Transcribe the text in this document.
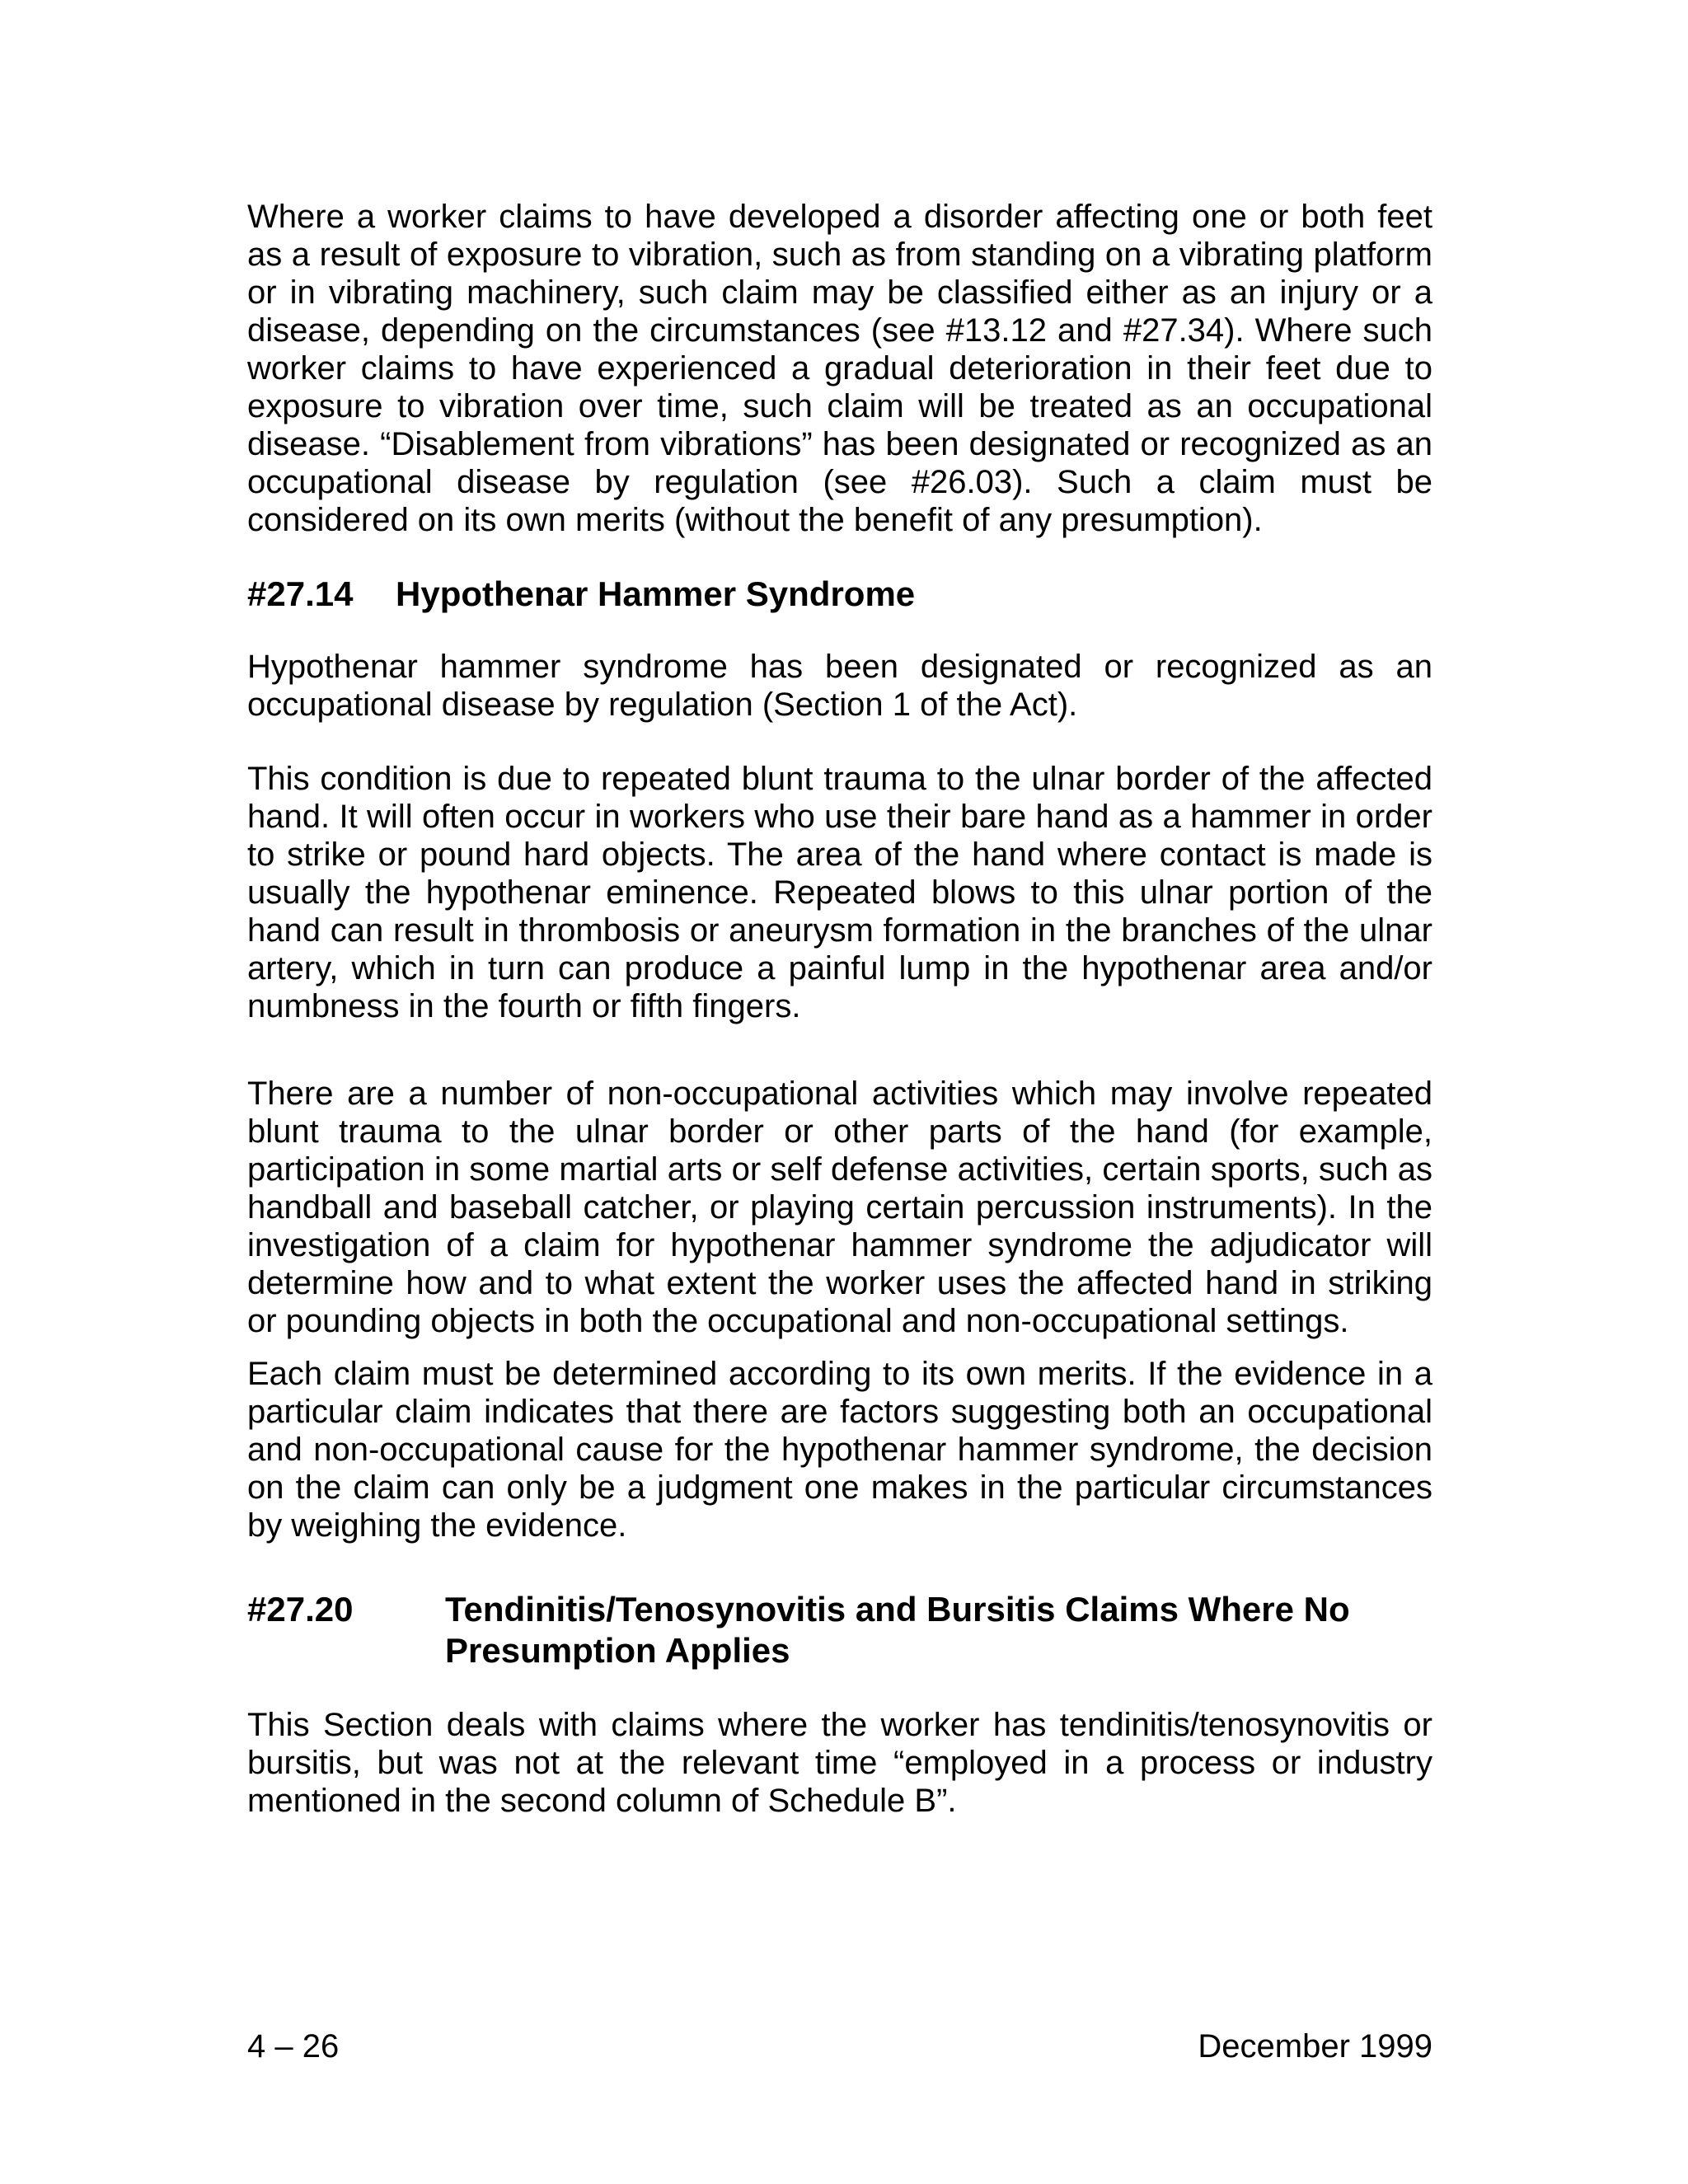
Where a worker claims to have developed a disorder affecting one or both feet as a result of exposure to vibration, such as from standing on a vibrating platform or in vibrating machinery, such claim may be classified either as an injury or a disease, depending on the circumstances (see #13.12 and #27.34). Where such worker claims to have experienced a gradual deterioration in their feet due to exposure to vibration over time, such claim will be treated as an occupational disease. “Disablement from vibrations” has been designated or recognized as an occupational disease by regulation (see #26.03). Such a claim must be considered on its own merits (without the benefit of any presumption).

#27.14	Hypothenar Hammer Syndrome

Hypothenar hammer syndrome has been designated or recognized as an occupational disease by regulation (Section 1 of the Act).

This condition is due to repeated blunt trauma to the ulnar border of the affected hand. It will often occur in workers who use their bare hand as a hammer in order to strike or pound hard objects. The area of the hand where contact is made is usually the hypothenar eminence. Repeated blows to this ulnar portion of the hand can result in thrombosis or aneurysm formation in the branches of the ulnar artery, which in turn can produce a painful lump in the hypothenar area and/or numbness in the fourth or fifth fingers.

There are a number of non-occupational activities which may involve repeated blunt trauma to the ulnar border or other parts of the hand (for example, participation in some martial arts or self defense activities, certain sports, such as handball and baseball catcher, or playing certain percussion instruments). In the investigation of a claim for hypothenar hammer syndrome the adjudicator will determine how and to what extent the worker uses the affected hand in striking or pounding objects in both the occupational and non-occupational settings.

Each claim must be determined according to its own merits. If the evidence in a particular claim indicates that there are factors suggesting both an occupational and non-occupational cause for the hypothenar hammer syndrome, the decision on the claim can only be a judgment one makes in the particular circumstances by weighing the evidence.

#27.20	Tendinitis/Tenosynovitis and Bursitis Claims Where No Presumption Applies

This Section deals with claims where the worker has tendinitis/tenosynovitis or bursitis, but was not at the relevant time “employed in a process or industry mentioned in the second column of Schedule B”.

4 – 26	December 1999
